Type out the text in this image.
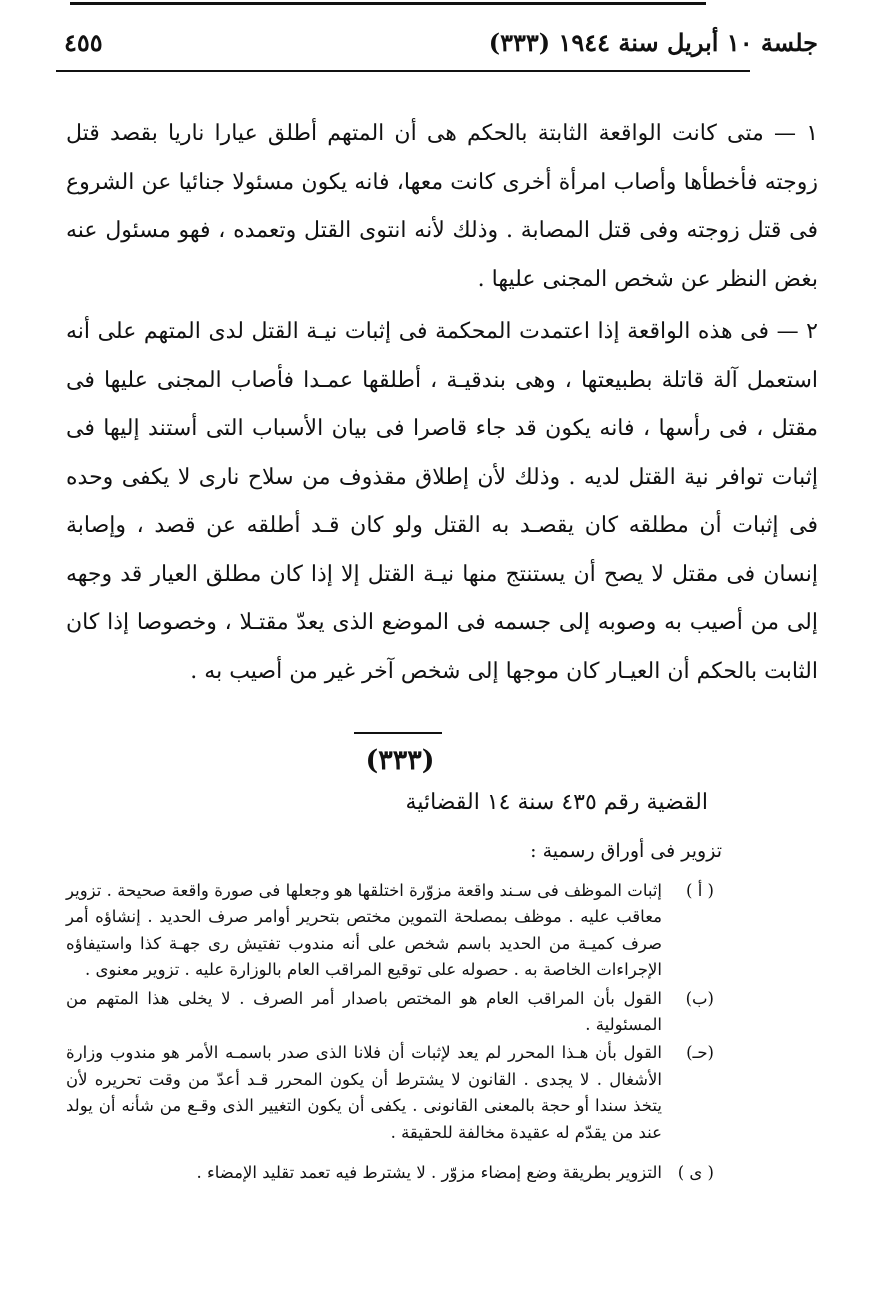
جلسة ١٠ أبريل سنة ١٩٤٤ (٣٣٣)
٤٥٥

١ — متى كانت الواقعة الثابتة بالحكم هى أن المتهم أطلق عيارا ناريا بقصد قتل زوجته فأخطأها وأصاب امرأة أخرى كانت معها، فانه يكون مسئولا جنائيا عن الشروع فى قتل زوجته وفى قتل المصابة . وذلك لأنه انتوى القتل وتعمده ، فهو مسئول عنه بغض النظر عن شخص المجنى عليها .

٢ — فى هذه الواقعة إذا اعتمدت المحكمة فى إثبات نيـة القتل لدى المتهم على أنه استعمل آلة قاتلة بطبيعتها ، وهى بندقيـة ، أطلقها عمـدا فأصاب المجنى عليها فى مقتل ، فى رأسها ، فانه يكون قد جاء قاصرا فى بيان الأسباب التى أستند إليها فى إثبات توافر نية القتل لديه . وذلك لأن إطلاق مقذوف من سلاح نارى لا يكفى وحده فى إثبات أن مطلقه كان يقصـد به القتل ولو كان قـد أطلقه عن قصد ، وإصابة إنسان فى مقتل لا يصح أن يستنتج منها نيـة القتل إلا إذا كان مطلق العيار قد وجهه إلى من أصيب به وصوبه إلى جسمه فى الموضع الذى يعدّ مقتـلا ، وخصوصا إذا كان الثابت بالحكم أن العيـار كان موجها إلى شخص آخر غير من أصيب به .

(٣٣٣)
القضية رقم ٤٣٥ سنة ١٤ القضائية
تزوير فى أوراق رسمية :
( أ )
إثبات الموظف فى سـند واقعة مزوّرة اختلقها هو وجعلها فى صورة واقعة صحيحة . تزوير معاقب عليه . موظف بمصلحة التموين مختص بتحرير أوامر صرف الحديد . إنشاؤه أمر صرف كميـة من الحديد باسم شخص على أنه مندوب تفتيش رى جهـة كذا واستيفاؤه الإجراءات الخاصة به . حصوله على توقيع المراقب العام بالوزارة عليه . تزوير معنوى .
(ب)
القول بأن المراقب العام هو المختص باصدار أمر الصرف . لا يخلى هذا المتهم من المسئولية .
(حـ)
القول بأن هـذا المحرر لم يعد لإثبات أن فلانا الذى صدر باسمـه الأمر هو مندوب وزارة الأشغال . لا يجدى . القانون لا يشترط أن يكون المحرر قـد أعدّ من وقت تحريره لأن يتخذ سندا أو حجة بالمعنى القانونى . يكفى أن يكون التغيير الذى وقـع من شأنه أن يولد عند من يقدّم له عقيدة مخالفة للحقيقة .
( ى )
التزوير بطريقة وضع إمضاء مزوّر . لا يشترط فيه تعمد تقليد الإمضاء .
